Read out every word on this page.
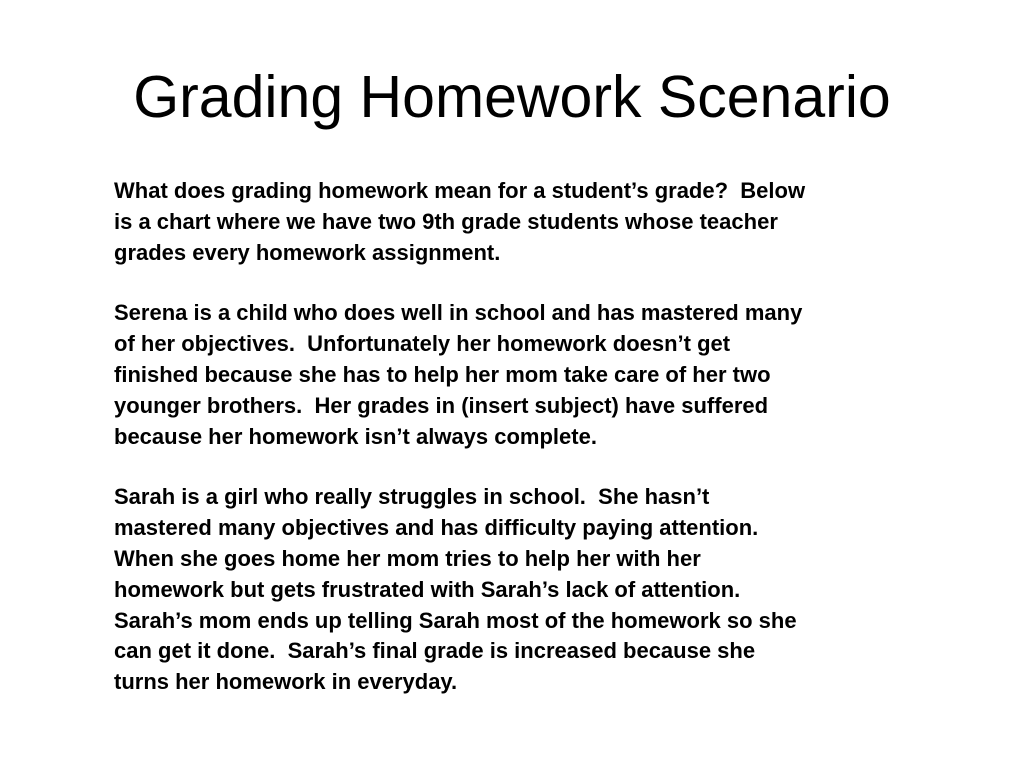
Grading Homework Scenario

What does grading homework mean for a student’s grade?  Below
is a chart where we have two 9th grade students whose teacher
grades every homework assignment.

Serena is a child who does well in school and has mastered many
of her objectives.  Unfortunately her homework doesn’t get
finished because she has to help her mom take care of her two
younger brothers.  Her grades in (insert subject) have suffered
because her homework isn’t always complete.

Sarah is a girl who really struggles in school.  She hasn’t
mastered many objectives and has difficulty paying attention.
When she goes home her mom tries to help her with her
homework but gets frustrated with Sarah’s lack of attention.
Sarah’s mom ends up telling Sarah most of the homework so she
can get it done.  Sarah’s final grade is increased because she
turns her homework in everyday.
